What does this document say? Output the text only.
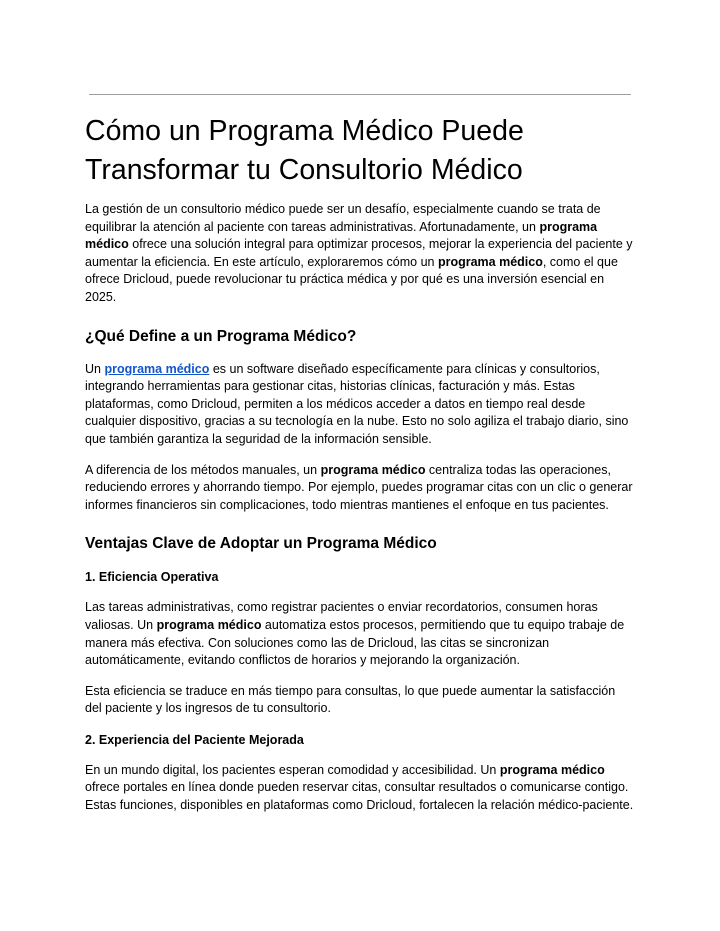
Cómo un Programa Médico Puede Transformar tu Consultorio Médico

La gestión de un consultorio médico puede ser un desafío, especialmente cuando se trata de equilibrar la atención al paciente con tareas administrativas. Afortunadamente, un programa médico ofrece una solución integral para optimizar procesos, mejorar la experiencia del paciente y aumentar la eficiencia. En este artículo, exploraremos cómo un programa médico, como el que ofrece Dricloud, puede revolucionar tu práctica médica y por qué es una inversión esencial en 2025.

¿Qué Define a un Programa Médico?

Un programa médico es un software diseñado específicamente para clínicas y consultorios, integrando herramientas para gestionar citas, historias clínicas, facturación y más. Estas plataformas, como Dricloud, permiten a los médicos acceder a datos en tiempo real desde cualquier dispositivo, gracias a su tecnología en la nube. Esto no solo agiliza el trabajo diario, sino que también garantiza la seguridad de la información sensible.

A diferencia de los métodos manuales, un programa médico centraliza todas las operaciones, reduciendo errores y ahorrando tiempo. Por ejemplo, puedes programar citas con un clic o generar informes financieros sin complicaciones, todo mientras mantienes el enfoque en tus pacientes.

Ventajas Clave de Adoptar un Programa Médico
1. Eficiencia Operativa

Las tareas administrativas, como registrar pacientes o enviar recordatorios, consumen horas valiosas. Un programa médico automatiza estos procesos, permitiendo que tu equipo trabaje de manera más efectiva. Con soluciones como las de Dricloud, las citas se sincronizan automáticamente, evitando conflictos de horarios y mejorando la organización.

Esta eficiencia se traduce en más tiempo para consultas, lo que puede aumentar la satisfacción del paciente y los ingresos de tu consultorio.

2. Experiencia del Paciente Mejorada

En un mundo digital, los pacientes esperan comodidad y accesibilidad. Un programa médico ofrece portales en línea donde pueden reservar citas, consultar resultados o comunicarse contigo. Estas funciones, disponibles en plataformas como Dricloud, fortalecen la relación médico-paciente.
